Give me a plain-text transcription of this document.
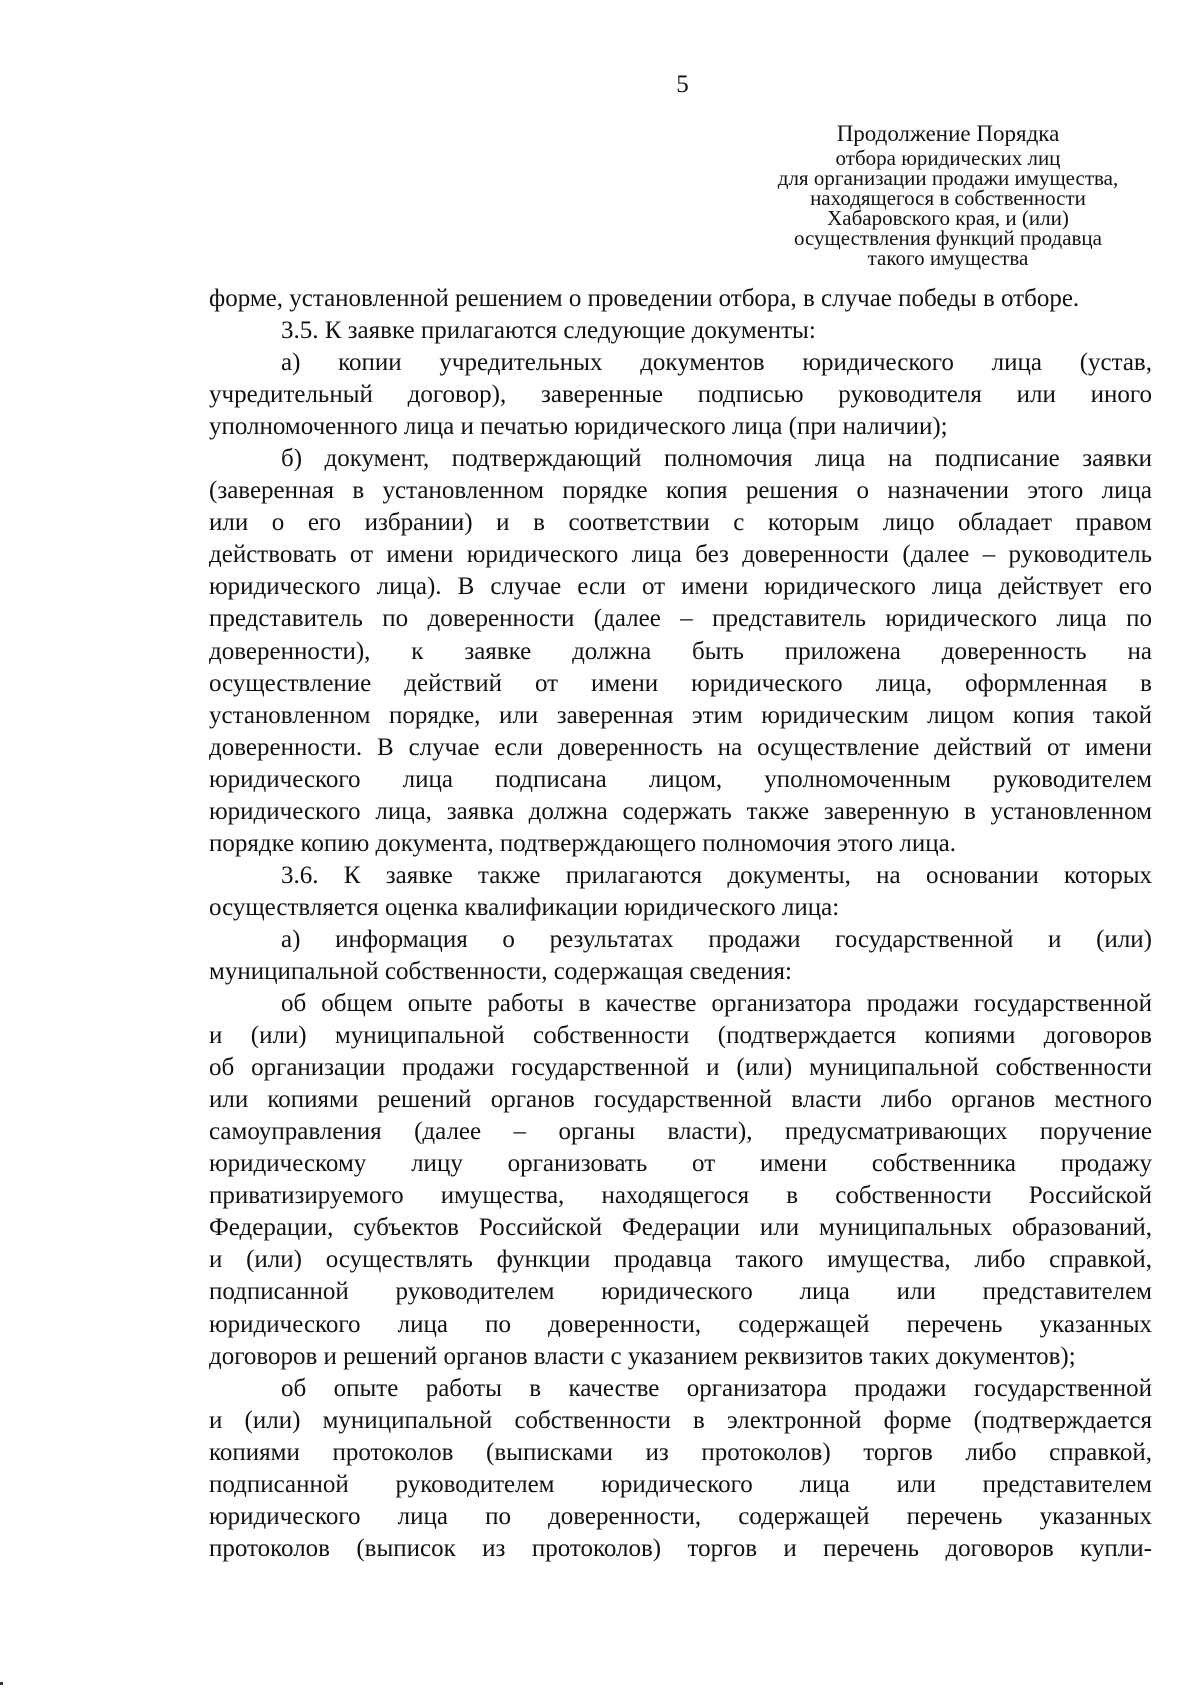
5
Продолжение Порядка
отбора юридических лиц
для организации продажи имущества,
находящегося в собственности
Хабаровского края, и (или)
осуществления функций продавца
такого имущества
форме, установленной решением о проведении отбора, в случае победы в отборе.
3.5. К заявке прилагаются следующие документы:
а) копии учредительных документов юридического лица (устав,
учредительный договор), заверенные подписью руководителя или иного
уполномоченного лица и печатью юридического лица (при наличии);
б) документ, подтверждающий полномочия лица на подписание заявки
(заверенная в установленном порядке копия решения о назначении этого лица
или о его избрании) и в соответствии с которым лицо обладает правом
действовать от имени юридического лица без доверенности (далее – руководитель
юридического лица). В случае если от имени юридического лица действует его
представитель по доверенности (далее – представитель юридического лица по
доверенности), к заявке должна быть приложена доверенность на
осуществление действий от имени юридического лица, оформленная в
установленном порядке, или заверенная этим юридическим лицом копия такой
доверенности. В случае если доверенность на осуществление действий от имени
юридического лица подписана лицом, уполномоченным руководителем
юридического лица, заявка должна содержать также заверенную в установленном
порядке копию документа, подтверждающего полномочия этого лица.
3.6. К заявке также прилагаются документы, на основании которых
осуществляется оценка квалификации юридического лица:
а) информация о результатах продажи государственной и (или)
муниципальной собственности, содержащая сведения:
об общем опыте работы в качестве организатора продажи государственной
и (или) муниципальной собственности (подтверждается копиями договоров
об организации продажи государственной и (или) муниципальной собственности
или копиями решений органов государственной власти либо органов местного
самоуправления (далее – органы власти), предусматривающих поручение
юридическому лицу организовать от имени собственника продажу
приватизируемого имущества, находящегося в собственности Российской
Федерации, субъектов Российской Федерации или муниципальных образований,
и (или) осуществлять функции продавца такого имущества, либо справкой,
подписанной руководителем юридического лица или представителем
юридического лица по доверенности, содержащей перечень указанных
договоров и решений органов власти с указанием реквизитов таких документов);
об опыте работы в качестве организатора продажи государственной
и (или) муниципальной собственности в электронной форме (подтверждается
копиями протоколов (выписками из протоколов) торгов либо справкой,
подписанной руководителем юридического лица или представителем
юридического лица по доверенности, содержащей перечень указанных
протоколов (выписок из протоколов) торгов и перечень договоров купли-
